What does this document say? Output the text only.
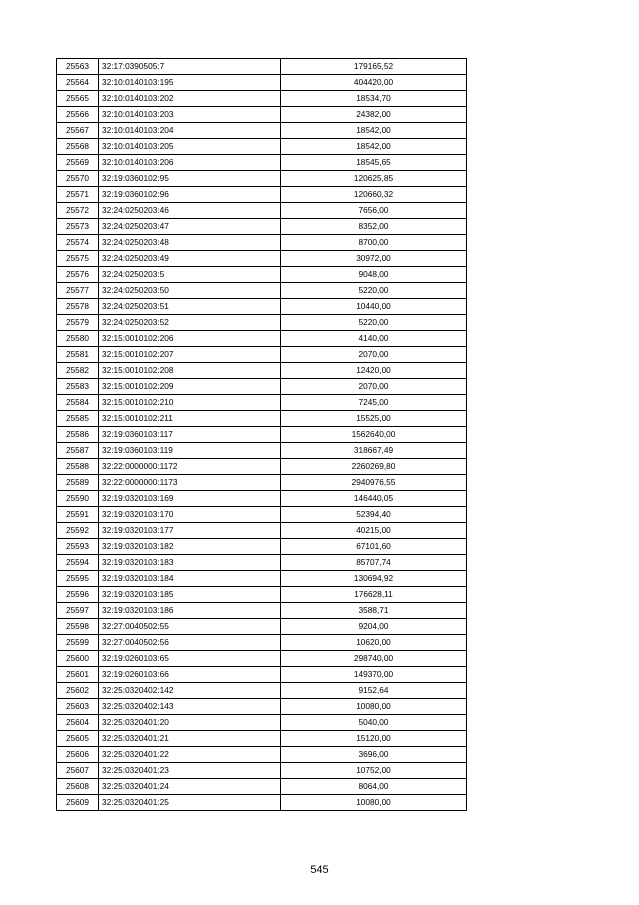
25563	32:17:0390505:7	179165,52
25564	32:10:0140103:195	404420,00
25565	32:10:0140103:202	18534,70
25566	32:10:0140103:203	24382,00
25567	32:10:0140103:204	18542,00
25568	32:10:0140103:205	18542,00
25569	32:10:0140103:206	18545,65
25570	32:19:0360102:95	120625,85
25571	32:19:0360102:96	120660,32
25572	32:24:0250203:46	7656,00
25573	32:24:0250203:47	8352,00
25574	32:24:0250203:48	8700,00
25575	32:24:0250203:49	30972,00
25576	32:24:0250203:5	9048,00
25577	32:24:0250203:50	5220,00
25578	32:24:0250203:51	10440,00
25579	32:24:0250203:52	5220,00
25580	32:15:0010102:206	4140,00
25581	32:15:0010102:207	2070,00
25582	32:15:0010102:208	12420,00
25583	32:15:0010102:209	2070,00
25584	32:15:0010102:210	7245,00
25585	32:15:0010102:211	15525,00
25586	32:19:0360103:117	1562640,00
25587	32:19:0360103:119	318667,49
25588	32:22:0000000:1172	2260269,80
25589	32:22:0000000:1173	2940976,55
25590	32:19:0320103:169	146440,05
25591	32:19:0320103:170	52394,40
25592	32:19:0320103:177	40215,00
25593	32:19:0320103:182	67101,60
25594	32:19:0320103:183	85707,74
25595	32:19:0320103:184	130694,92
25596	32:19:0320103:185	176628,11
25597	32:19:0320103:186	3588,71
25598	32:27:0040502:55	9204,00
25599	32:27:0040502:56	10620,00
25600	32:19:0260103:65	298740,00
25601	32:19:0260103:66	149370,00
25602	32:25:0320402:142	9152,64
25603	32:25:0320402:143	10080,00
25604	32:25:0320401:20	5040,00
25605	32:25:0320401:21	15120,00
25606	32:25:0320401:22	3696,00
25607	32:25:0320401:23	10752,00
25608	32:25:0320401:24	8064,00
25609	32:25:0320401:25	10080,00
545
